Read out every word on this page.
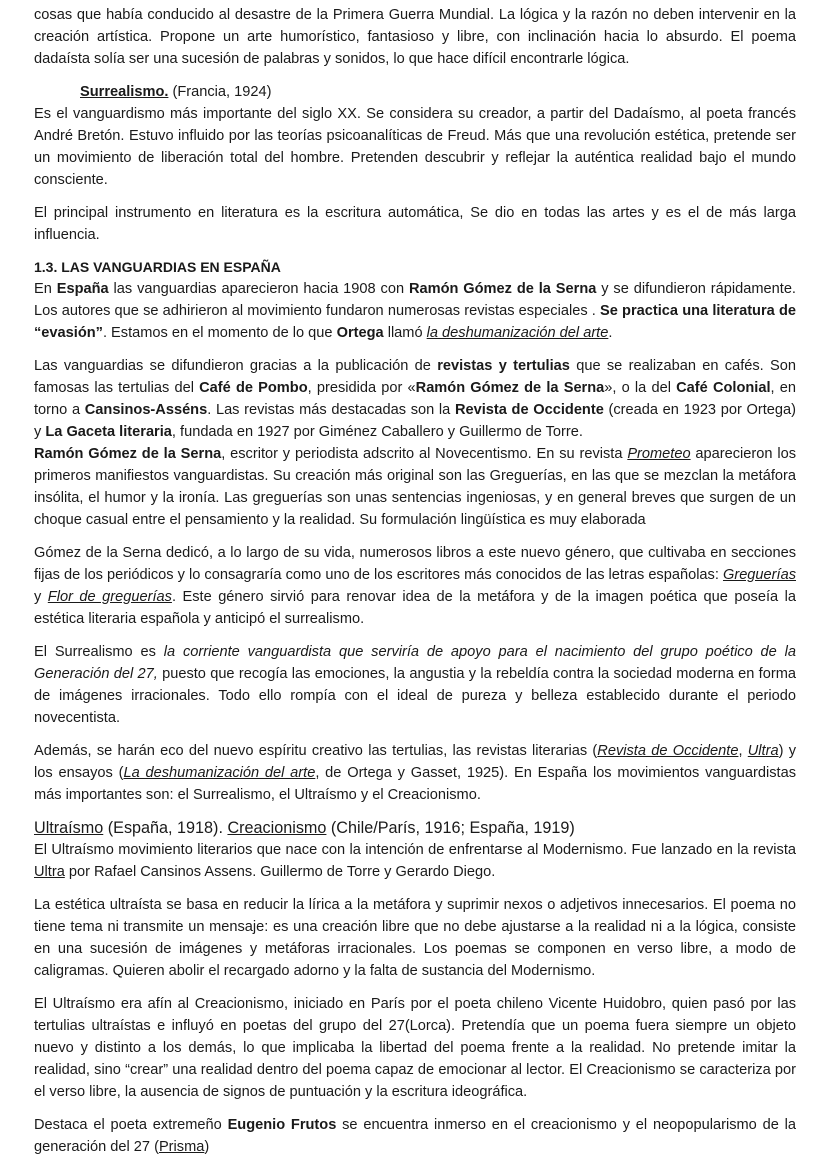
cosas que había conducido al desastre de la Primera Guerra Mundial. La lógica y la razón no deben intervenir en la creación artística. Propone un arte humorístico, fantasioso y libre, con inclinación hacia lo absurdo. El poema dadaísta solía ser una sucesión de palabras y sonidos, lo que hace difícil encontrarle lógica.

Surrealismo. (Francia, 1924)

Es el vanguardismo más importante del siglo XX. Se considera su creador, a partir del Dadaísmo, al poeta francés André Bretón. Estuvo influido por las teorías psicoanalíticas de Freud. Más que una revolución estética, pretende ser un movimiento de liberación total del hombre. Pretenden descubrir y reflejar la auténtica realidad bajo el mundo consciente.

El principal instrumento en literatura es la escritura automática, Se dio en todas las artes y es el de más larga influencia.

1.3. LAS VANGUARDIAS EN ESPAÑA

En España las vanguardias aparecieron hacia 1908 con Ramón Gómez de la Serna y se difundieron rápidamente. Los autores que se adhirieron al movimiento fundaron numerosas revistas especiales . Se practica una literatura de “evasión”. Estamos en el momento de lo que Ortega llamó la deshumanización del arte.

Las vanguardias se difundieron gracias a la publicación de revistas y tertulias que se realizaban en cafés. Son famosas las tertulias del Café de Pombo, presidida por «Ramón Gómez de la Serna», o la del Café Colonial, en torno a Cansinos-Asséns. Las revistas más destacadas son la Revista de Occidente (creada en 1923 por Ortega) y La Gaceta literaria, fundada en 1927 por Giménez Caballero y Guillermo de Torre.

Ramón Gómez de la Serna, escritor y periodista adscrito al Novecentismo. En su revista Prometeo aparecieron los primeros manifiestos vanguardistas. Su creación más original son las Greguerías, en las que se mezclan la metáfora insólita, el humor y la ironía. Las greguerías son unas sentencias ingeniosas, y en general breves que surgen de un choque casual entre el pensamiento y la realidad. Su formulación lingüística es muy elaborada

Gómez de la Serna dedicó, a lo largo de su vida, numerosos libros a este nuevo género, que cultivaba en secciones fijas de los periódicos y lo consagraría como uno de los escritores más conocidos de las letras españolas: Greguerías y Flor de greguerías. Este género sirvió para renovar idea de la metáfora y de la imagen poética que poseía la estética literaria española y anticipó el surrealismo.

El Surrealismo es la corriente vanguardista que serviría de apoyo para el nacimiento del grupo poético de la Generación del 27, puesto que recogía las emociones, la angustia y la rebeldía contra la sociedad moderna en forma de imágenes irracionales. Todo ello rompía con el ideal de pureza y belleza establecido durante el periodo novecentista.

Además, se harán eco del nuevo espíritu creativo las tertulias, las revistas literarias (Revista de Occidente, Ultra) y los ensayos (La deshumanización del arte, de Ortega y Gasset, 1925). En España los movimientos vanguardistas más importantes son: el Surrealismo, el Ultraísmo y el Creacionismo.

Ultraísmo (España, 1918). Creacionismo (Chile/París, 1916; España, 1919)

El Ultraísmo movimiento literarios que nace con la intención de enfrentarse al Modernismo. Fue lanzado en la revista Ultra por Rafael Cansinos Assens. Guillermo de Torre y Gerardo Diego.

La estética ultraísta se basa en reducir la lírica a la metáfora y suprimir nexos o adjetivos innecesarios. El poema no tiene tema ni transmite un mensaje: es una creación libre que no debe ajustarse a la realidad ni a la lógica, consiste en una sucesión de imágenes y metáforas irracionales. Los poemas se componen en verso libre, a modo de caligramas. Quieren abolir el recargado adorno y la falta de sustancia del Modernismo.

El Ultraísmo era afín al Creacionismo, iniciado en París por el poeta chileno Vicente Huidobro, quien pasó por las tertulias ultraístas e influyó en poetas del grupo del 27(Lorca). Pretendía que un poema fuera siempre un objeto nuevo y distinto a los demás, lo que implicaba la libertad del poema frente a la realidad. No pretende imitar la realidad, sino “crear” una realidad dentro del poema capaz de emocionar al lector. El Creacionismo se caracteriza por el verso libre, la ausencia de signos de puntuación y la escritura ideográfica.

Destaca el poeta extremeño Eugenio Frutos se encuentra inmerso en el creacionismo y el neopopularismo de la generación del 27 (Prisma)
